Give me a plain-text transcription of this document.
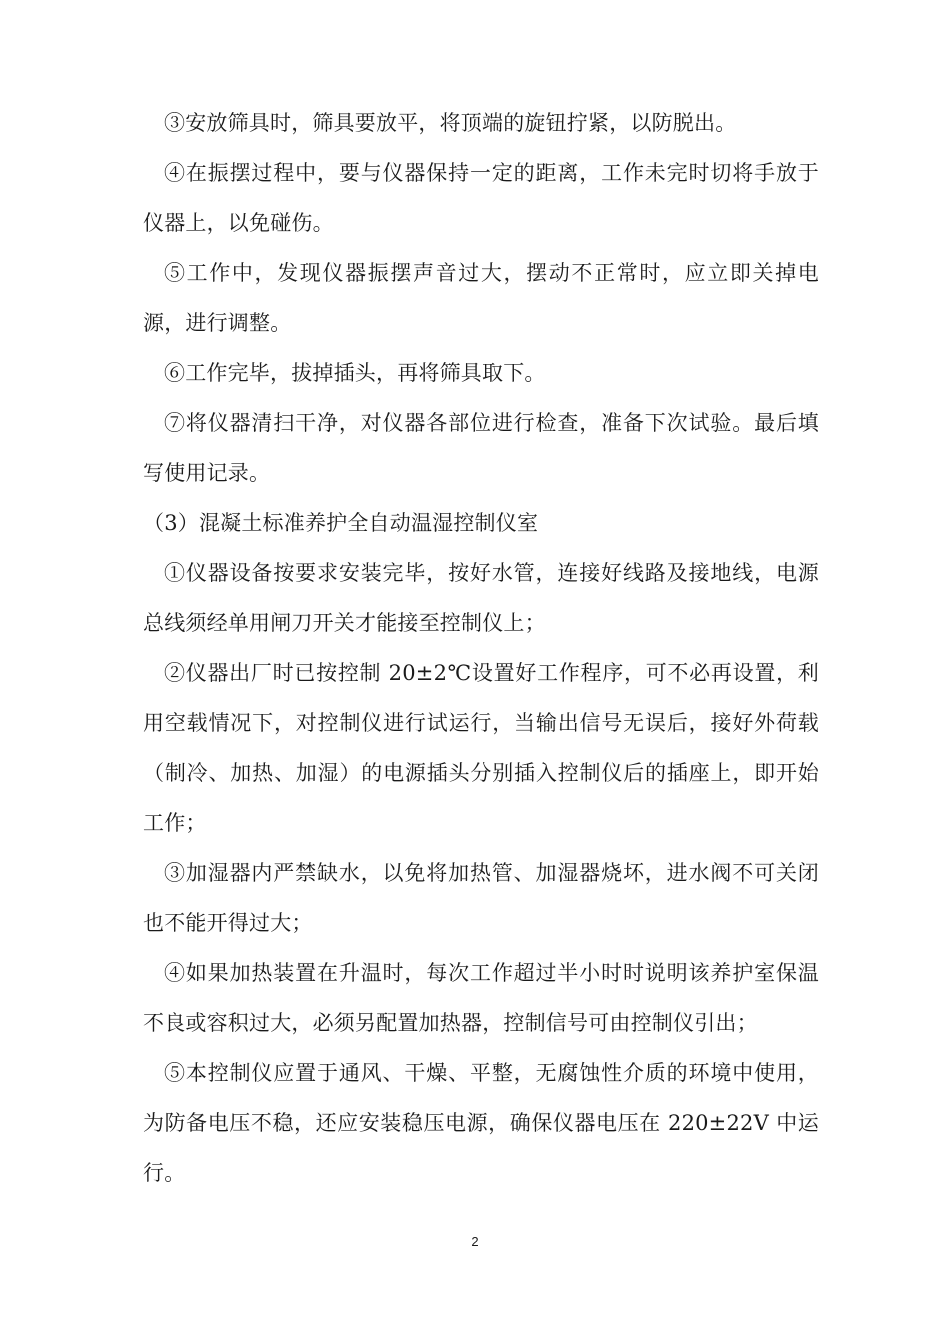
③安放筛具时，筛具要放平，将顶端的旋钮拧紧，以防脱出。

④在振摆过程中，要与仪器保持一定的距离，工作未完时切将手放于仪器上，以免碰伤。

⑤工作中，发现仪器振摆声音过大，摆动不正常时，应立即关掉电源，进行调整。

⑥工作完毕，拔掉插头，再将筛具取下。

⑦将仪器清扫干净，对仪器各部位进行检查，准备下次试验。最后填写使用记录。

（3）混凝土标准养护全自动温湿控制仪室

①仪器设备按要求安装完毕，按好水管，连接好线路及接地线，电源总线须经单用闸刀开关才能接至控制仪上；

②仪器出厂时已按控制 20±2℃设置好工作程序，可不必再设置，利用空载情况下，对控制仪进行试运行，当输出信号无误后，接好外荷载（制冷、加热、加湿）的电源插头分别插入控制仪后的插座上，即开始工作；

③加湿器内严禁缺水，以免将加热管、加湿器烧坏，进水阀不可关闭也不能开得过大；

④如果加热装置在升温时，每次工作超过半小时时说明该养护室保温不良或容积过大，必须另配置加热器，控制信号可由控制仪引出；

⑤本控制仪应置于通风、干燥、平整，无腐蚀性介质的环境中使用，为防备电压不稳，还应安装稳压电源，确保仪器电压在 220±22V 中运行。

2
